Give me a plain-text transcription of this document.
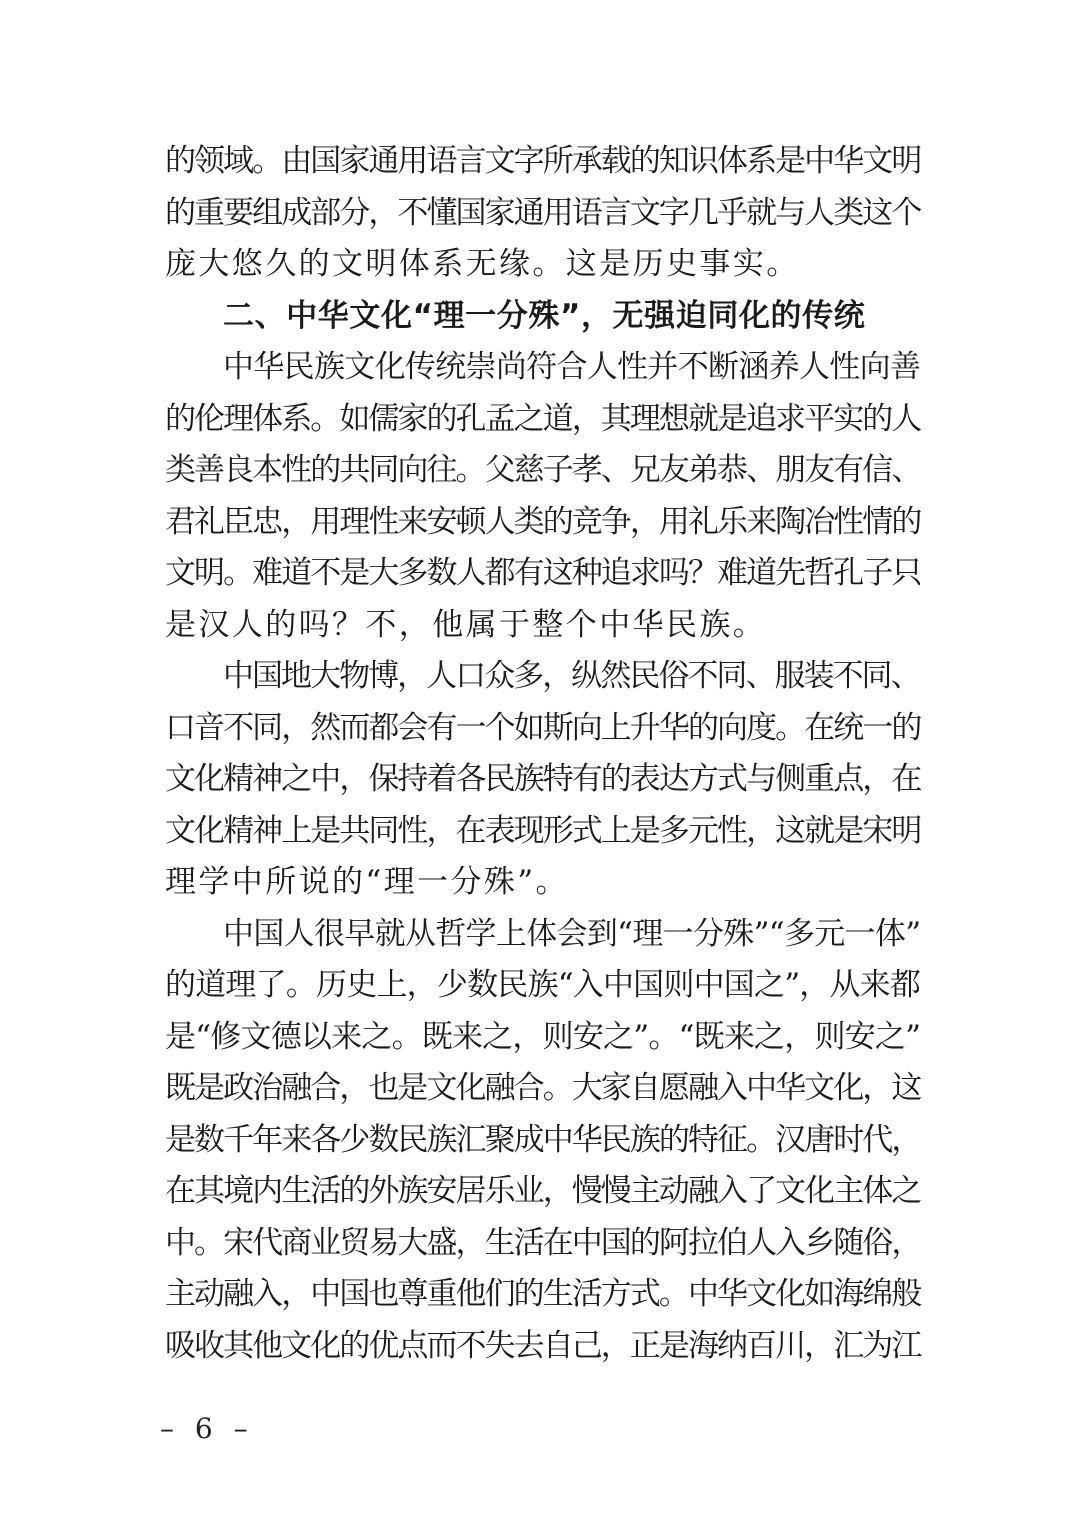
的领域。由国家通用语言文字所承载的知识体系是中华文明
的重要组成部分，不懂国家通用语言文字几乎就与人类这个
庞大悠久的文明体系无缘。这是历史事实。
二、中华文化“理一分殊”，无强迫同化的传统
中华民族文化传统崇尚符合人性并不断涵养人性向善
的伦理体系。如儒家的孔孟之道，其理想就是追求平实的人
类善良本性的共同向往。父慈子孝、兄友弟恭、朋友有信、
君礼臣忠，用理性来安顿人类的竞争，用礼乐来陶冶性情的
文明。难道不是大多数人都有这种追求吗？难道先哲孔子只
是汉人的吗？不，他属于整个中华民族。
中国地大物博，人口众多，纵然民俗不同、服装不同、
口音不同，然而都会有一个如斯向上升华的向度。在统一的
文化精神之中，保持着各民族特有的表达方式与侧重点，在
文化精神上是共同性，在表现形式上是多元性，这就是宋明
理学中所说的“理一分殊”。
中国人很早就从哲学上体会到“理一分殊”“多元一体”
的道理了。历史上，少数民族“入中国则中国之”，从来都
是“修文德以来之。既来之，则安之”。“既来之，则安之”
既是政治融合，也是文化融合。大家自愿融入中华文化，这
是数千年来各少数民族汇聚成中华民族的特征。汉唐时代，
在其境内生活的外族安居乐业，慢慢主动融入了文化主体之
中。宋代商业贸易大盛，生活在中国的阿拉伯人入乡随俗，
主动融入，中国也尊重他们的生活方式。中华文化如海绵般
吸收其他文化的优点而不失去自己，正是海纳百川，汇为江
– 6 –
